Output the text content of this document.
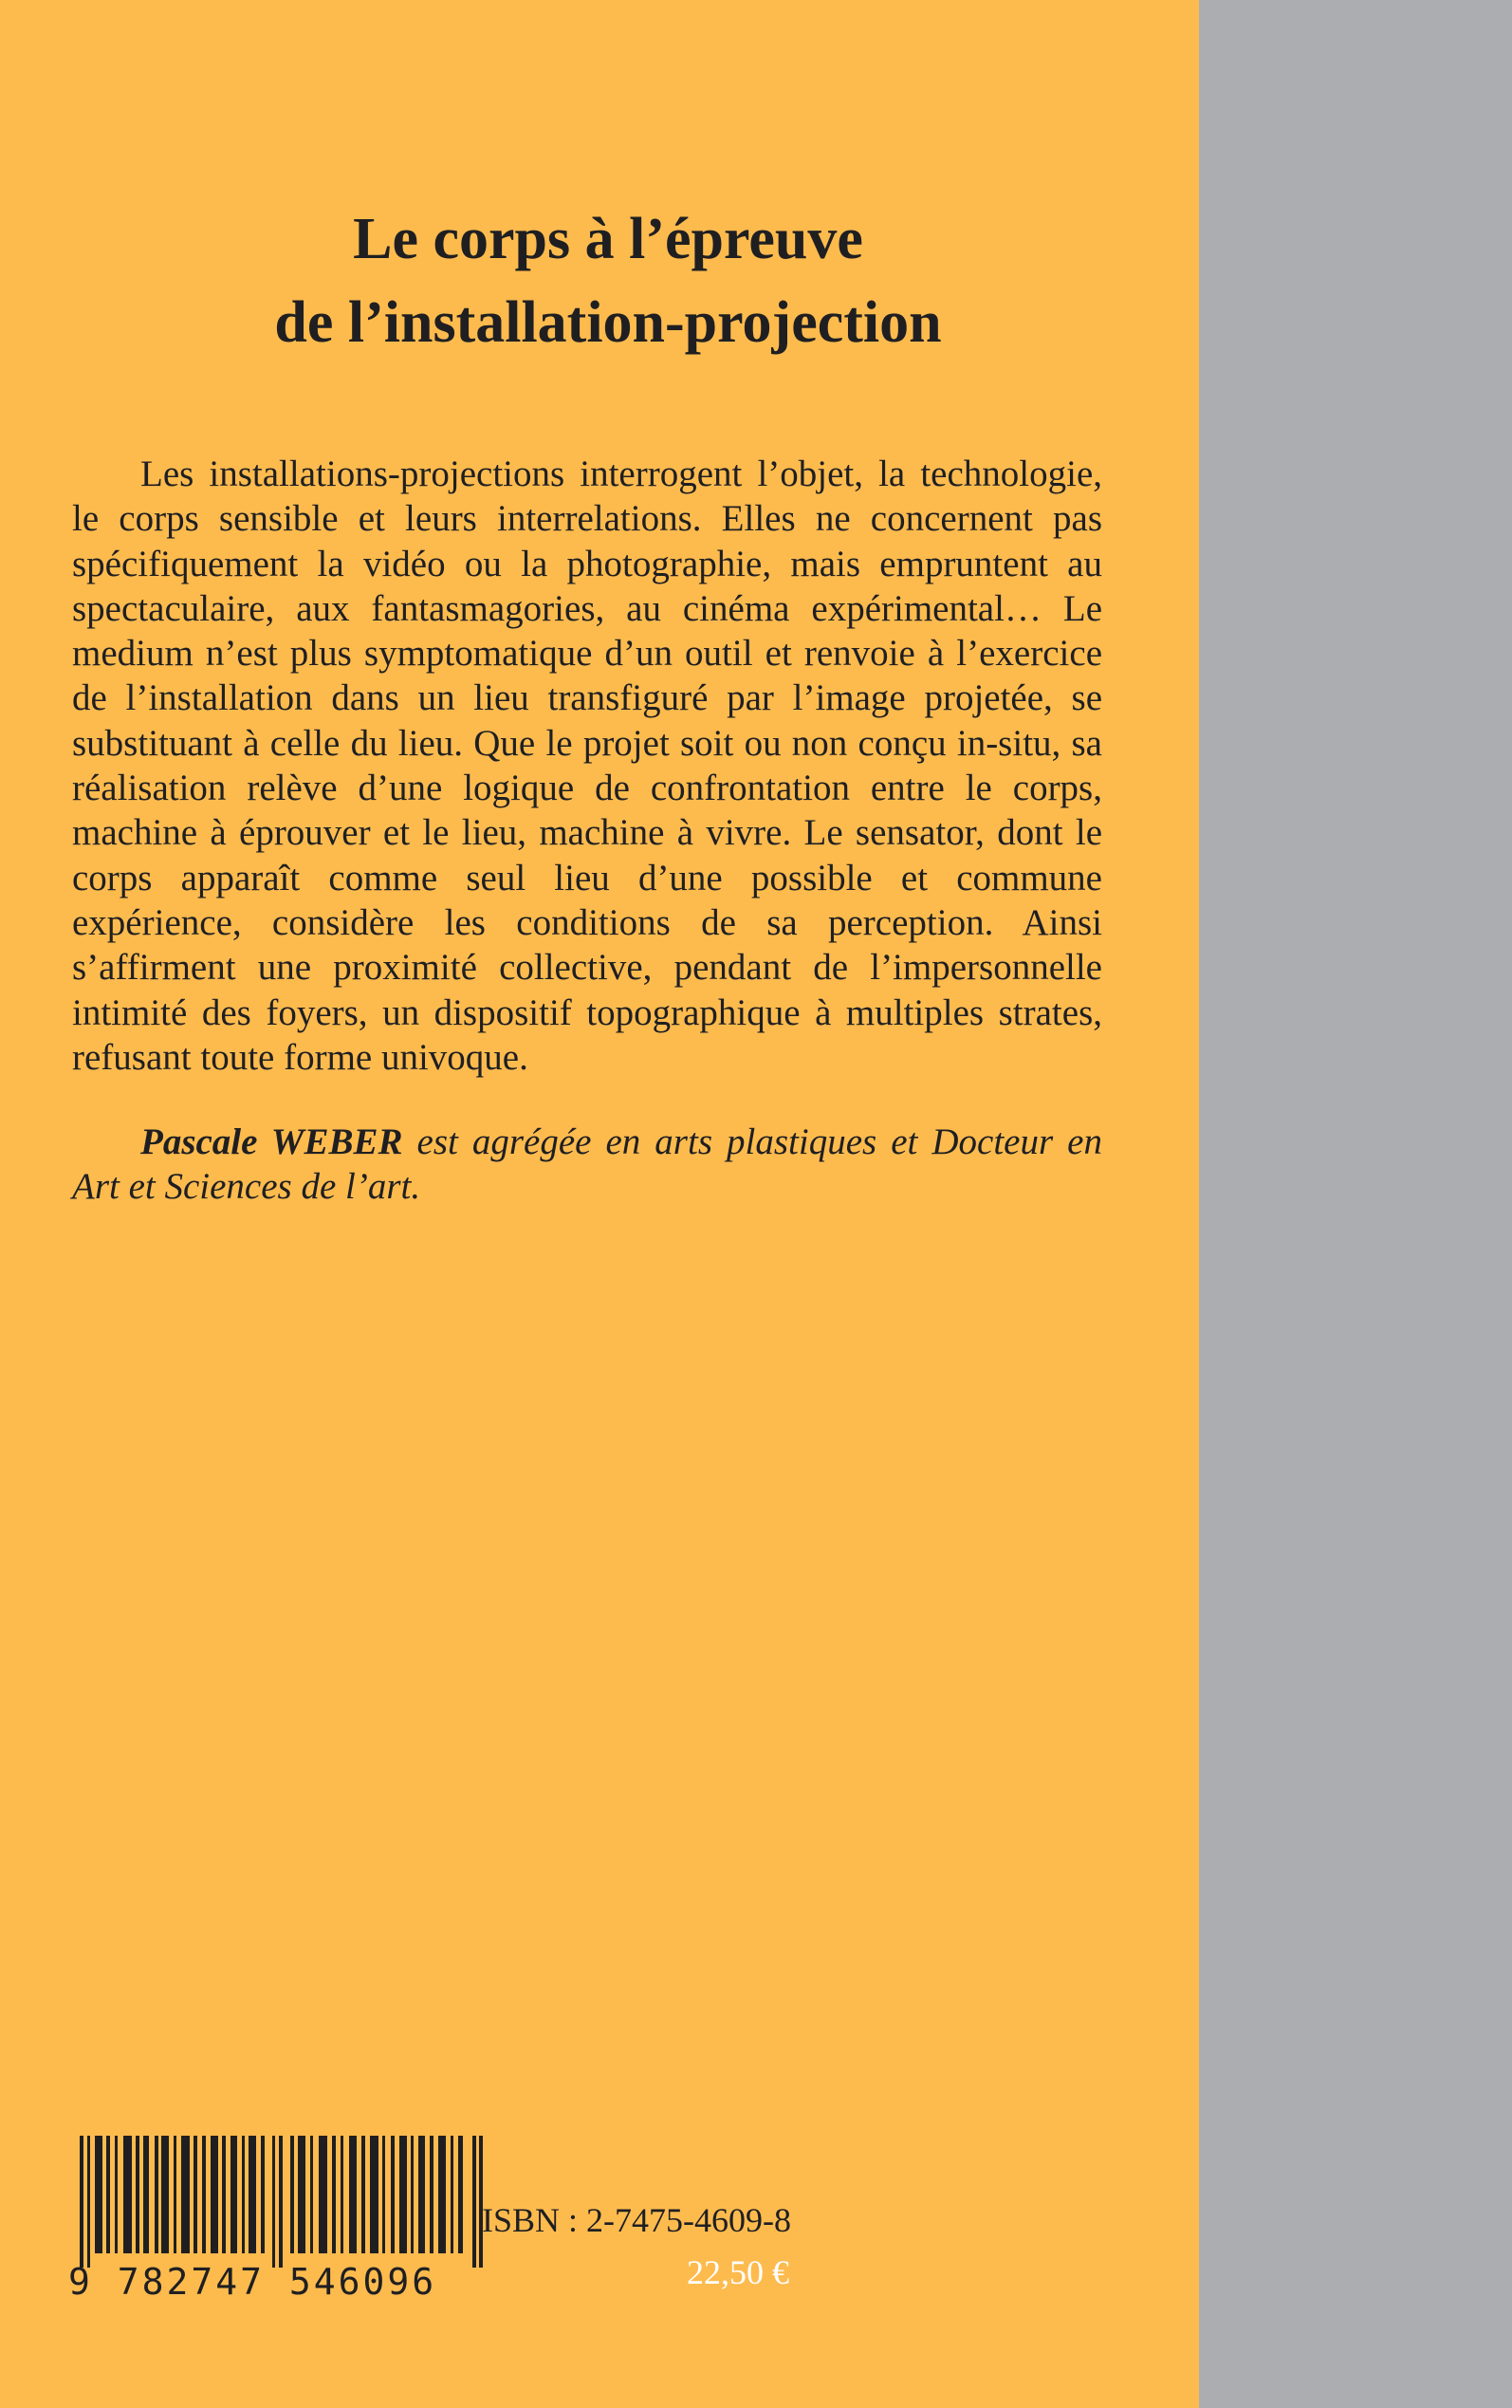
Le corps à l’épreuve
de l’installation-projection
Les installations-projections interrogent l’objet, la technologie, le corps sensible et leurs interrelations. Elles ne concernent pas spécifiquement la vidéo ou la photographie, mais empruntent au spectaculaire, aux fantasmagories, au cinéma expérimental… Le medium n’est plus symptomatique d’un outil et renvoie à l’exercice de l’installation dans un lieu transfiguré par l’image projetée, se substituant à celle du lieu. Que le projet soit ou non conçu in-situ, sa réalisation relève d’une logique de confrontation entre le corps, machine à éprouver et le lieu, machine à vivre. Le sensator, dont le corps apparaît comme seul lieu d’une possible et commune expérience, considère les conditions de sa perception. Ainsi s’affirment une proximité collective, pendant de l’impersonnelle intimité des foyers, un dispositif topographique à multiples strates, refusant toute forme univoque.
Pascale WEBER est agrégée en arts plastiques et Docteur en Art et Sciences de l’art.
9 782747 546096
ISBN : 2-7475-4609-8
22,50 €
